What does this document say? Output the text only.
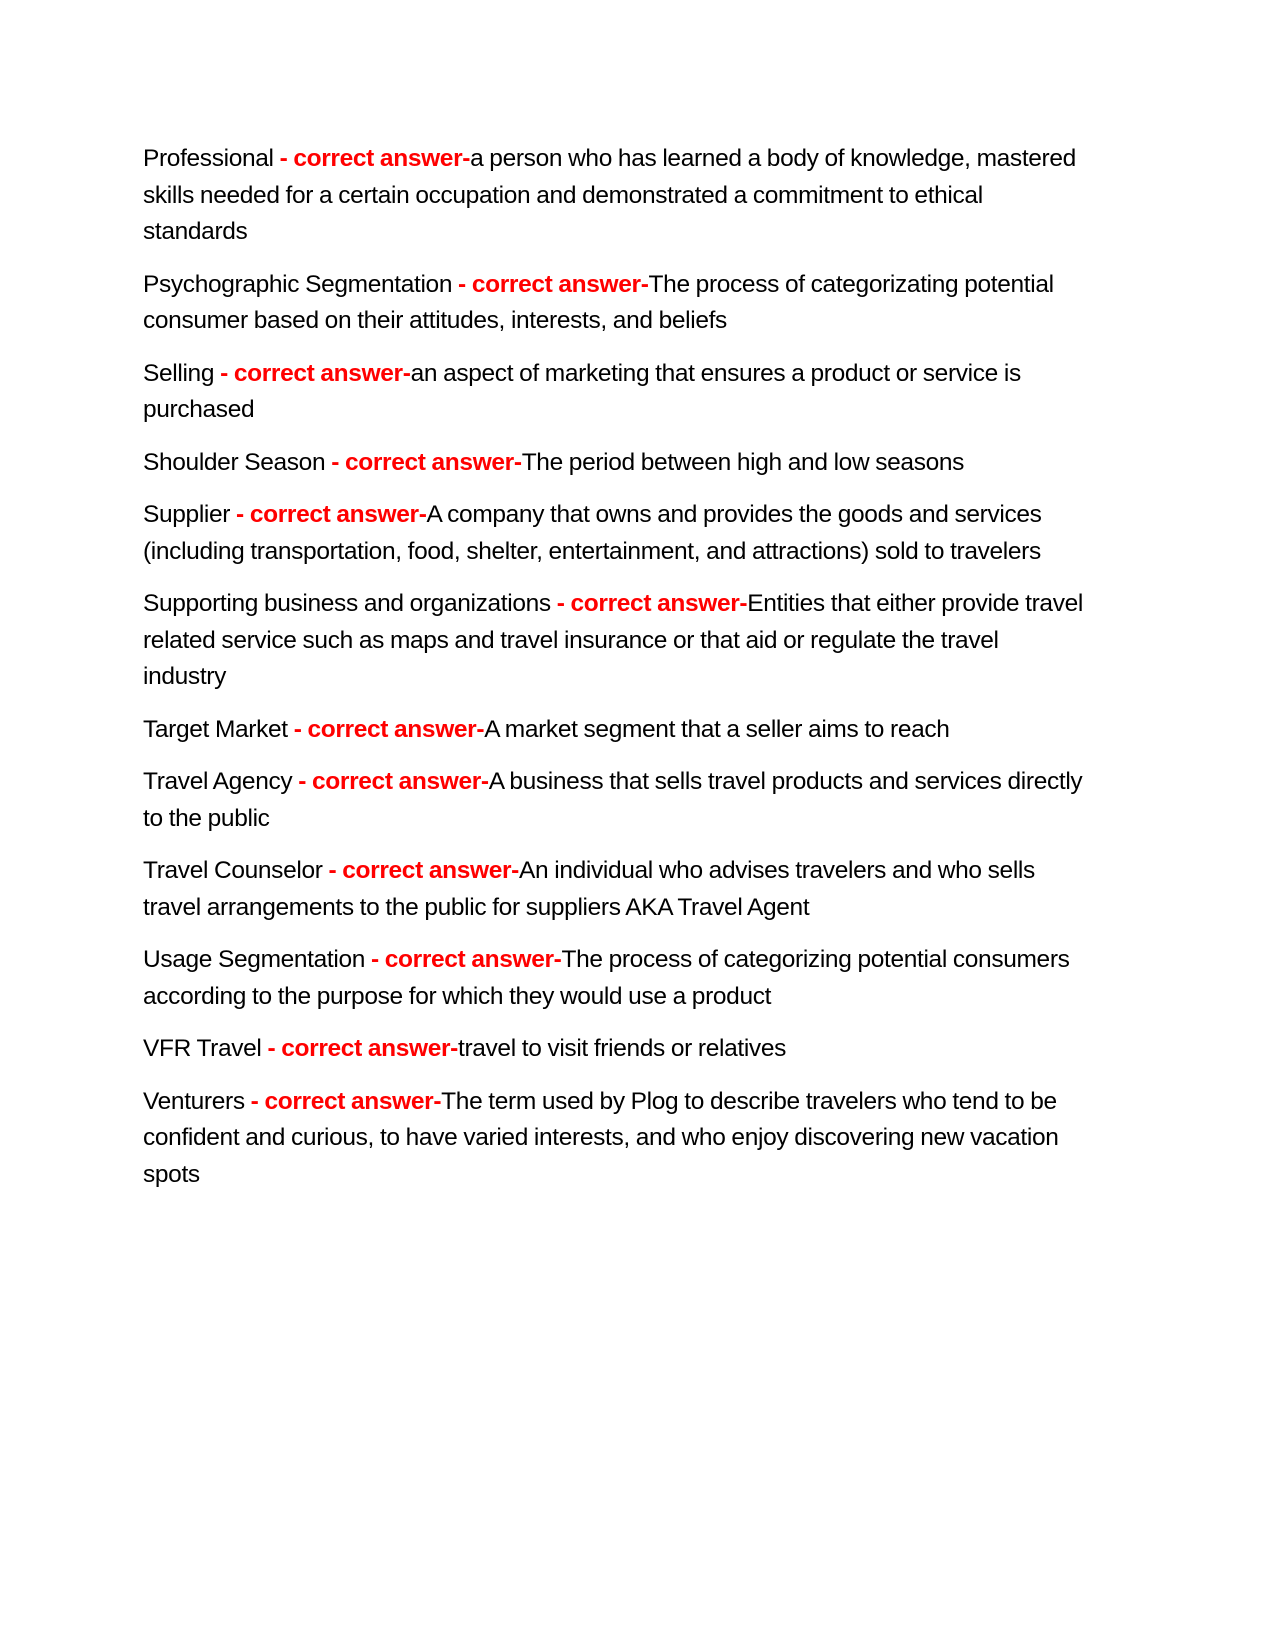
Professional - correct answer-a person who has learned a body of knowledge, mastered skills needed for a certain occupation and demonstrated a commitment to ethical standards

Psychographic Segmentation - correct answer-The process of categorizating potential consumer based on their attitudes, interests, and beliefs

Selling - correct answer-an aspect of marketing that ensures a product or service is purchased

Shoulder Season - correct answer-The period between high and low seasons

Supplier - correct answer-A company that owns and provides the goods and services (including transportation, food, shelter, entertainment, and attractions) sold to travelers

Supporting business and organizations - correct answer-Entities that either provide travel related service such as maps and travel insurance or that aid or regulate the travel industry

Target Market - correct answer-A market segment that a seller aims to reach

Travel Agency - correct answer-A business that sells travel products and services directly to the public

Travel Counselor - correct answer-An individual who advises travelers and who sells travel arrangements to the public for suppliers AKA Travel Agent

Usage Segmentation - correct answer-The process of categorizing potential consumers according to the purpose for which they would use a product

VFR Travel - correct answer-travel to visit friends or relatives

Venturers - correct answer-The term used by Plog to describe travelers who tend to be confident and curious, to have varied interests, and who enjoy discovering new vacation spots
